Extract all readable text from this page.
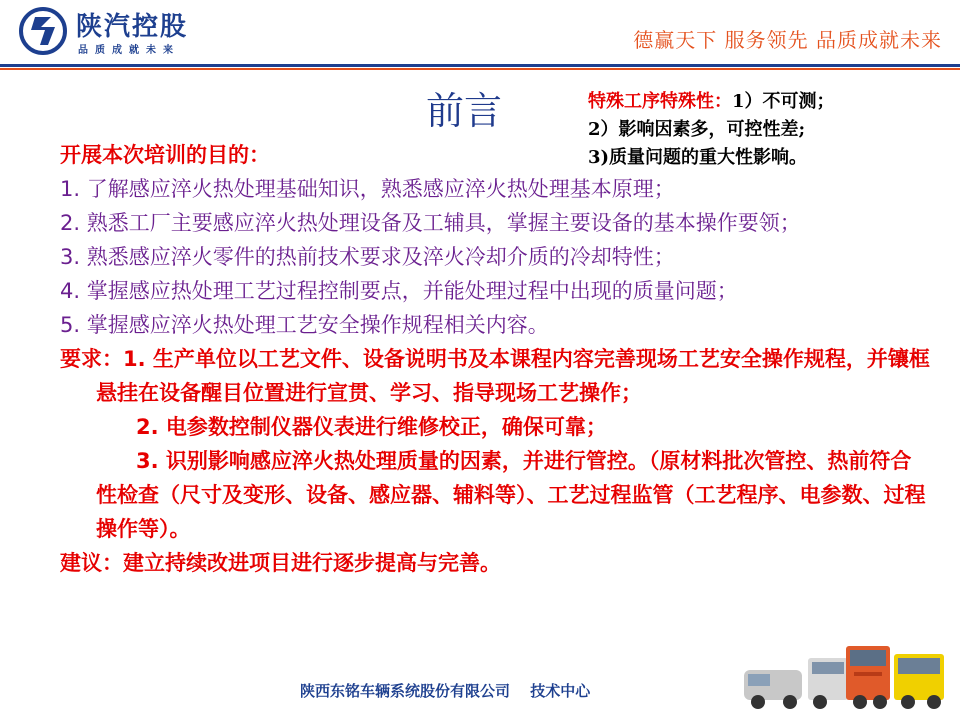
陕汽控股
品质成就未来	德赢天下 服务领先 品质成就未来
前言	特殊工序特殊性：1）不可测；
2）影响因素多，可控性差;
3)质量问题的重大性影响。

开展本次培训的目的：

1. 了解感应淬火热处理基础知识，熟悉感应淬火热处理基本原理；

2. 熟悉工厂主要感应淬火热处理设备及工辅具，掌握主要设备的基本操作要领；

3. 熟悉感应淬火零件的热前技术要求及淬火冷却介质的冷却特性；

4. 掌握感应热处理工艺过程控制要点，并能处理过程中出现的质量问题；

5. 掌握感应淬火热处理工艺安全操作规程相关内容。

要求：1. 生产单位以工艺文件、设备说明书及本课程内容完善现场工艺安全操作规程，并镶框悬挂在设备醒目位置进行宣贯、学习、指导现场工艺操作；

2. 电参数控制仪器仪表进行维修校正，确保可靠；

3. 识别影响感应淬火热处理质量的因素，并进行管控。（原材料批次管控、热前符合性检查（尺寸及变形、设备、感应器、辅料等）、工艺过程监管（工艺程序、电参数、过程操作等）。

建议：建立持续改进项目进行逐步提高与完善。

陕西东铭车辆系统股份有限公司　 技术中心
